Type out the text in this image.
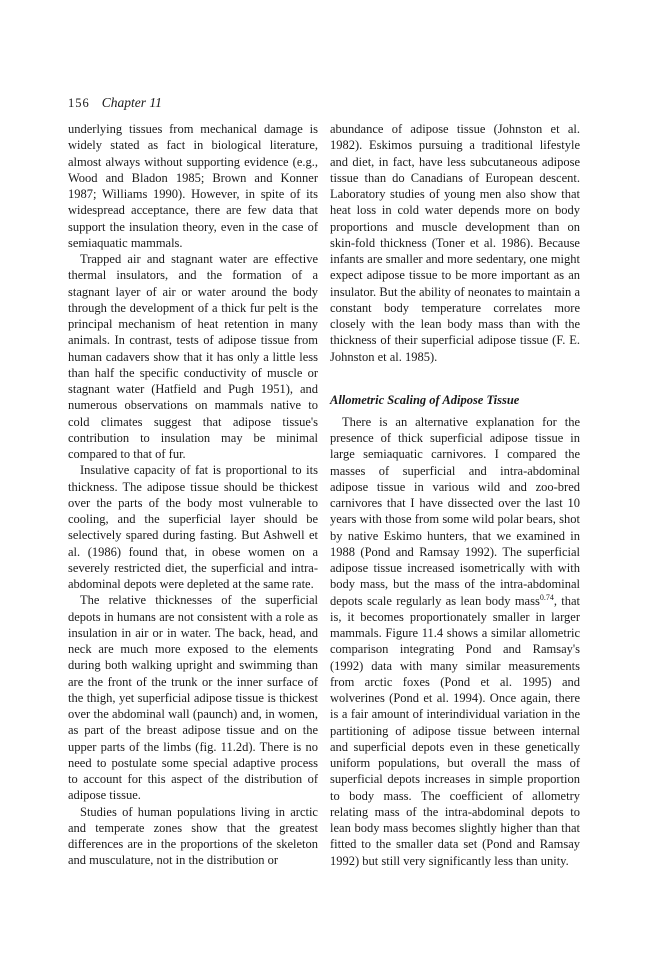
156 Chapter 11

underlying tissues from mechanical damage is widely stated as fact in biological literature, almost always without supporting evidence (e.g., Wood and Bladon 1985; Brown and Konner 1987; Williams 1990). However, in spite of its widespread acceptance, there are few data that support the insulation theory, even in the case of semiaquatic mammals.

Trapped air and stagnant water are effective thermal insulators, and the formation of a stagnant layer of air or water around the body through the development of a thick fur pelt is the principal mechanism of heat retention in many animals. In contrast, tests of adipose tissue from human cadavers show that it has only a little less than half the specific conductivity of muscle or stagnant water (Hatfield and Pugh 1951), and numerous observations on mammals native to cold climates suggest that adipose tissue's contribution to insulation may be minimal compared to that of fur.

Insulative capacity of fat is proportional to its thickness. The adipose tissue should be thickest over the parts of the body most vulnerable to cooling, and the superficial layer should be selectively spared during fasting. But Ashwell et al. (1986) found that, in obese women on a severely restricted diet, the superficial and intra-abdominal depots were depleted at the same rate.

The relative thicknesses of the superficial depots in humans are not consistent with a role as insulation in air or in water. The back, head, and neck are much more exposed to the elements during both walking upright and swimming than are the front of the trunk or the inner surface of the thigh, yet superficial adipose tissue is thickest over the abdominal wall (paunch) and, in women, as part of the breast adipose tissue and on the upper parts of the limbs (fig. 11.2d). There is no need to postulate some special adaptive process to account for this aspect of the distribution of adipose tissue.

Studies of human populations living in arctic and temperate zones show that the greatest differences are in the proportions of the skeleton and musculature, not in the distribution or

abundance of adipose tissue (Johnston et al. 1982). Eskimos pursuing a traditional lifestyle and diet, in fact, have less subcutaneous adipose tissue than do Canadians of European descent. Laboratory studies of young men also show that heat loss in cold water depends more on body proportions and muscle development than on skin-fold thickness (Toner et al. 1986). Because infants are smaller and more sedentary, one might expect adipose tissue to be more important as an insulator. But the ability of neonates to maintain a constant body temperature correlates more closely with the lean body mass than with the thickness of their superficial adipose tissue (F. E. Johnston et al. 1985).

Allometric Scaling of Adipose Tissue

There is an alternative explanation for the presence of thick superficial adipose tissue in large semiaquatic carnivores. I compared the masses of superficial and intra-abdominal adipose tissue in various wild and zoo-bred carnivores that I have dissected over the last 10 years with those from some wild polar bears, shot by native Eskimo hunters, that we examined in 1988 (Pond and Ramsay 1992). The superficial adipose tissue increased isometrically with with body mass, but the mass of the intra-abdominal depots scale regularly as lean body mass$^{0.74}$, that is, it becomes proportionately smaller in larger mammals. Figure 11.4 shows a similar allometric comparison integrating Pond and Ramsay's (1992) data with many similar measurements from arctic foxes (Pond et al. 1995) and wolverines (Pond et al. 1994). Once again, there is a fair amount of interindividual variation in the partitioning of adipose tissue between internal and superficial depots even in these genetically uniform populations, but overall the mass of superficial depots increases in simple proportion to body mass. The coefficient of allometry relating mass of the intra-abdominal depots to lean body mass becomes slightly higher than that fitted to the smaller data set (Pond and Ramsay 1992) but still very significantly less than unity.
